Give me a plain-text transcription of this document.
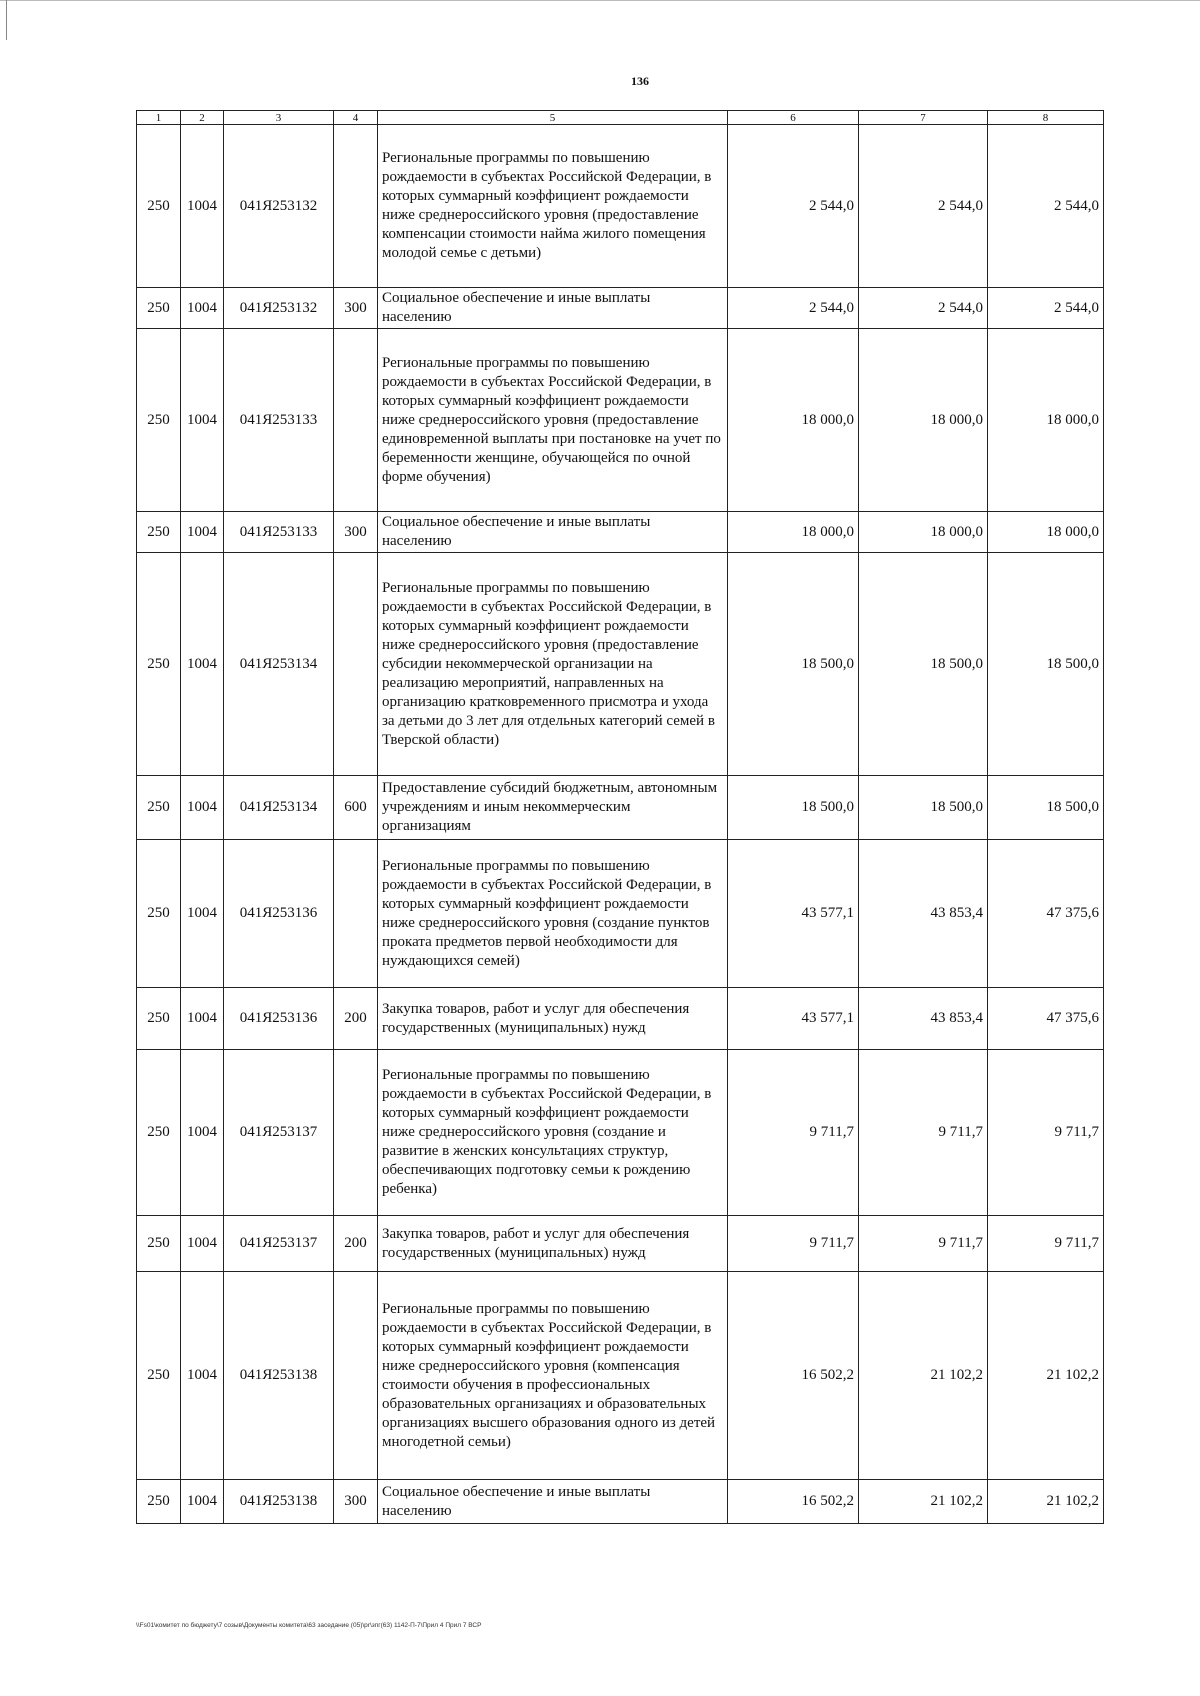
136
1	2	3	4	5	6	7	8
250	1004	041Я253132		Региональные программы по повышению рождаемости в субъектах Российской Федерации, в которых суммарный коэффициент рождаемости ниже среднероссийского уровня (предоставление компенсации стоимости найма жилого помещения молодой семье с детьми)	2 544,0	2 544,0	2 544,0
250	1004	041Я253132	300	Социальное обеспечение и иные выплаты населению	2 544,0	2 544,0	2 544,0
250	1004	041Я253133		Региональные программы по повышению рождаемости в субъектах Российской Федерации, в которых суммарный коэффициент рождаемости ниже среднероссийского уровня (предоставление единовременной выплаты при постановке на учет по беременности женщине, обучающейся по очной форме обучения)	18 000,0	18 000,0	18 000,0
250	1004	041Я253133	300	Социальное обеспечение и иные выплаты населению	18 000,0	18 000,0	18 000,0
250	1004	041Я253134		Региональные программы по повышению рождаемости в субъектах Российской Федерации, в которых суммарный коэффициент рождаемости ниже среднероссийского уровня (предоставление субсидии некоммерческой организации на реализацию мероприятий, направленных на организацию кратковременного присмотра и ухода за детьми до 3 лет для отдельных категорий семей в Тверской области)	18 500,0	18 500,0	18 500,0
250	1004	041Я253134	600	Предоставление субсидий бюджетным, автономным учреждениям и иным некоммерческим организациям	18 500,0	18 500,0	18 500,0
250	1004	041Я253136		Региональные программы по повышению рождаемости в субъектах Российской Федерации, в которых суммарный коэффициент рождаемости ниже среднероссийского уровня (создание пунктов проката предметов первой необходимости для нуждающихся семей)	43 577,1	43 853,4	47 375,6
250	1004	041Я253136	200	Закупка товаров, работ и услуг для обеспечения государственных (муниципальных) нужд	43 577,1	43 853,4	47 375,6
250	1004	041Я253137		Региональные программы по повышению рождаемости в субъектах Российской Федерации, в которых суммарный коэффициент рождаемости ниже среднероссийского уровня (создание и развитие в женских консультациях структур, обеспечивающих подготовку семьи к рождению ребенка)	9 711,7	9 711,7	9 711,7
250	1004	041Я253137	200	Закупка товаров, работ и услуг для обеспечения государственных (муниципальных) нужд	9 711,7	9 711,7	9 711,7
250	1004	041Я253138		Региональные программы по повышению рождаемости в субъектах Российской Федерации, в которых суммарный коэффициент рождаемости ниже среднероссийского уровня (компенсация стоимости обучения в профессиональных образовательных организациях и образовательных организациях высшего образования одного из детей многодетной семьи)	16 502,2	21 102,2	21 102,2
250	1004	041Я253138	300	Социальное обеспечение и иные выплаты населению	16 502,2	21 102,2	21 102,2
\\Fs01\комитет по бюджету\7 созыв\Документы комитета\63 заседание (05)\pr\зпг(63) 1142-П-7\Прил 4 Прил 7 ВСР
